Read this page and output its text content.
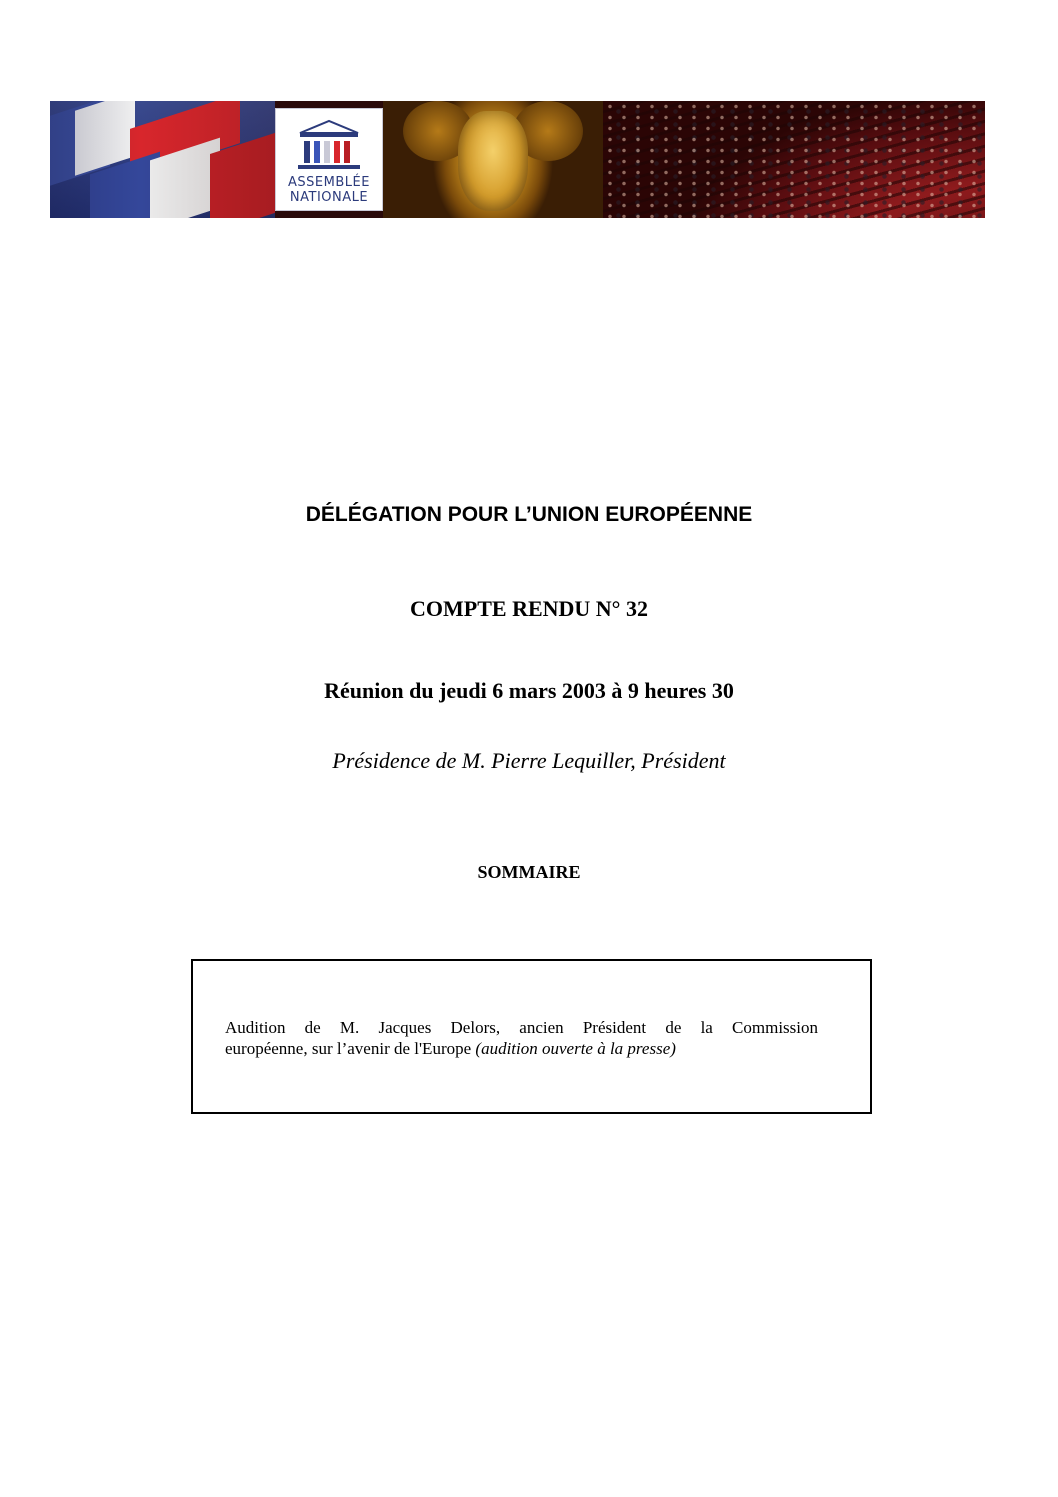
ASSEMBLÉE
NATIONALE
DÉLÉGATION POUR L’UNION EUROPÉENNE
COMPTE RENDU N° 32
Réunion du jeudi 6 mars 2003 à 9 heures 30
Présidence de M. Pierre Lequiller, Président
SOMMAIRE
Audition de M. Jacques Delors, ancien Président de la Commission
européenne, sur l’avenir de l'Europe (audition ouverte à la presse)
